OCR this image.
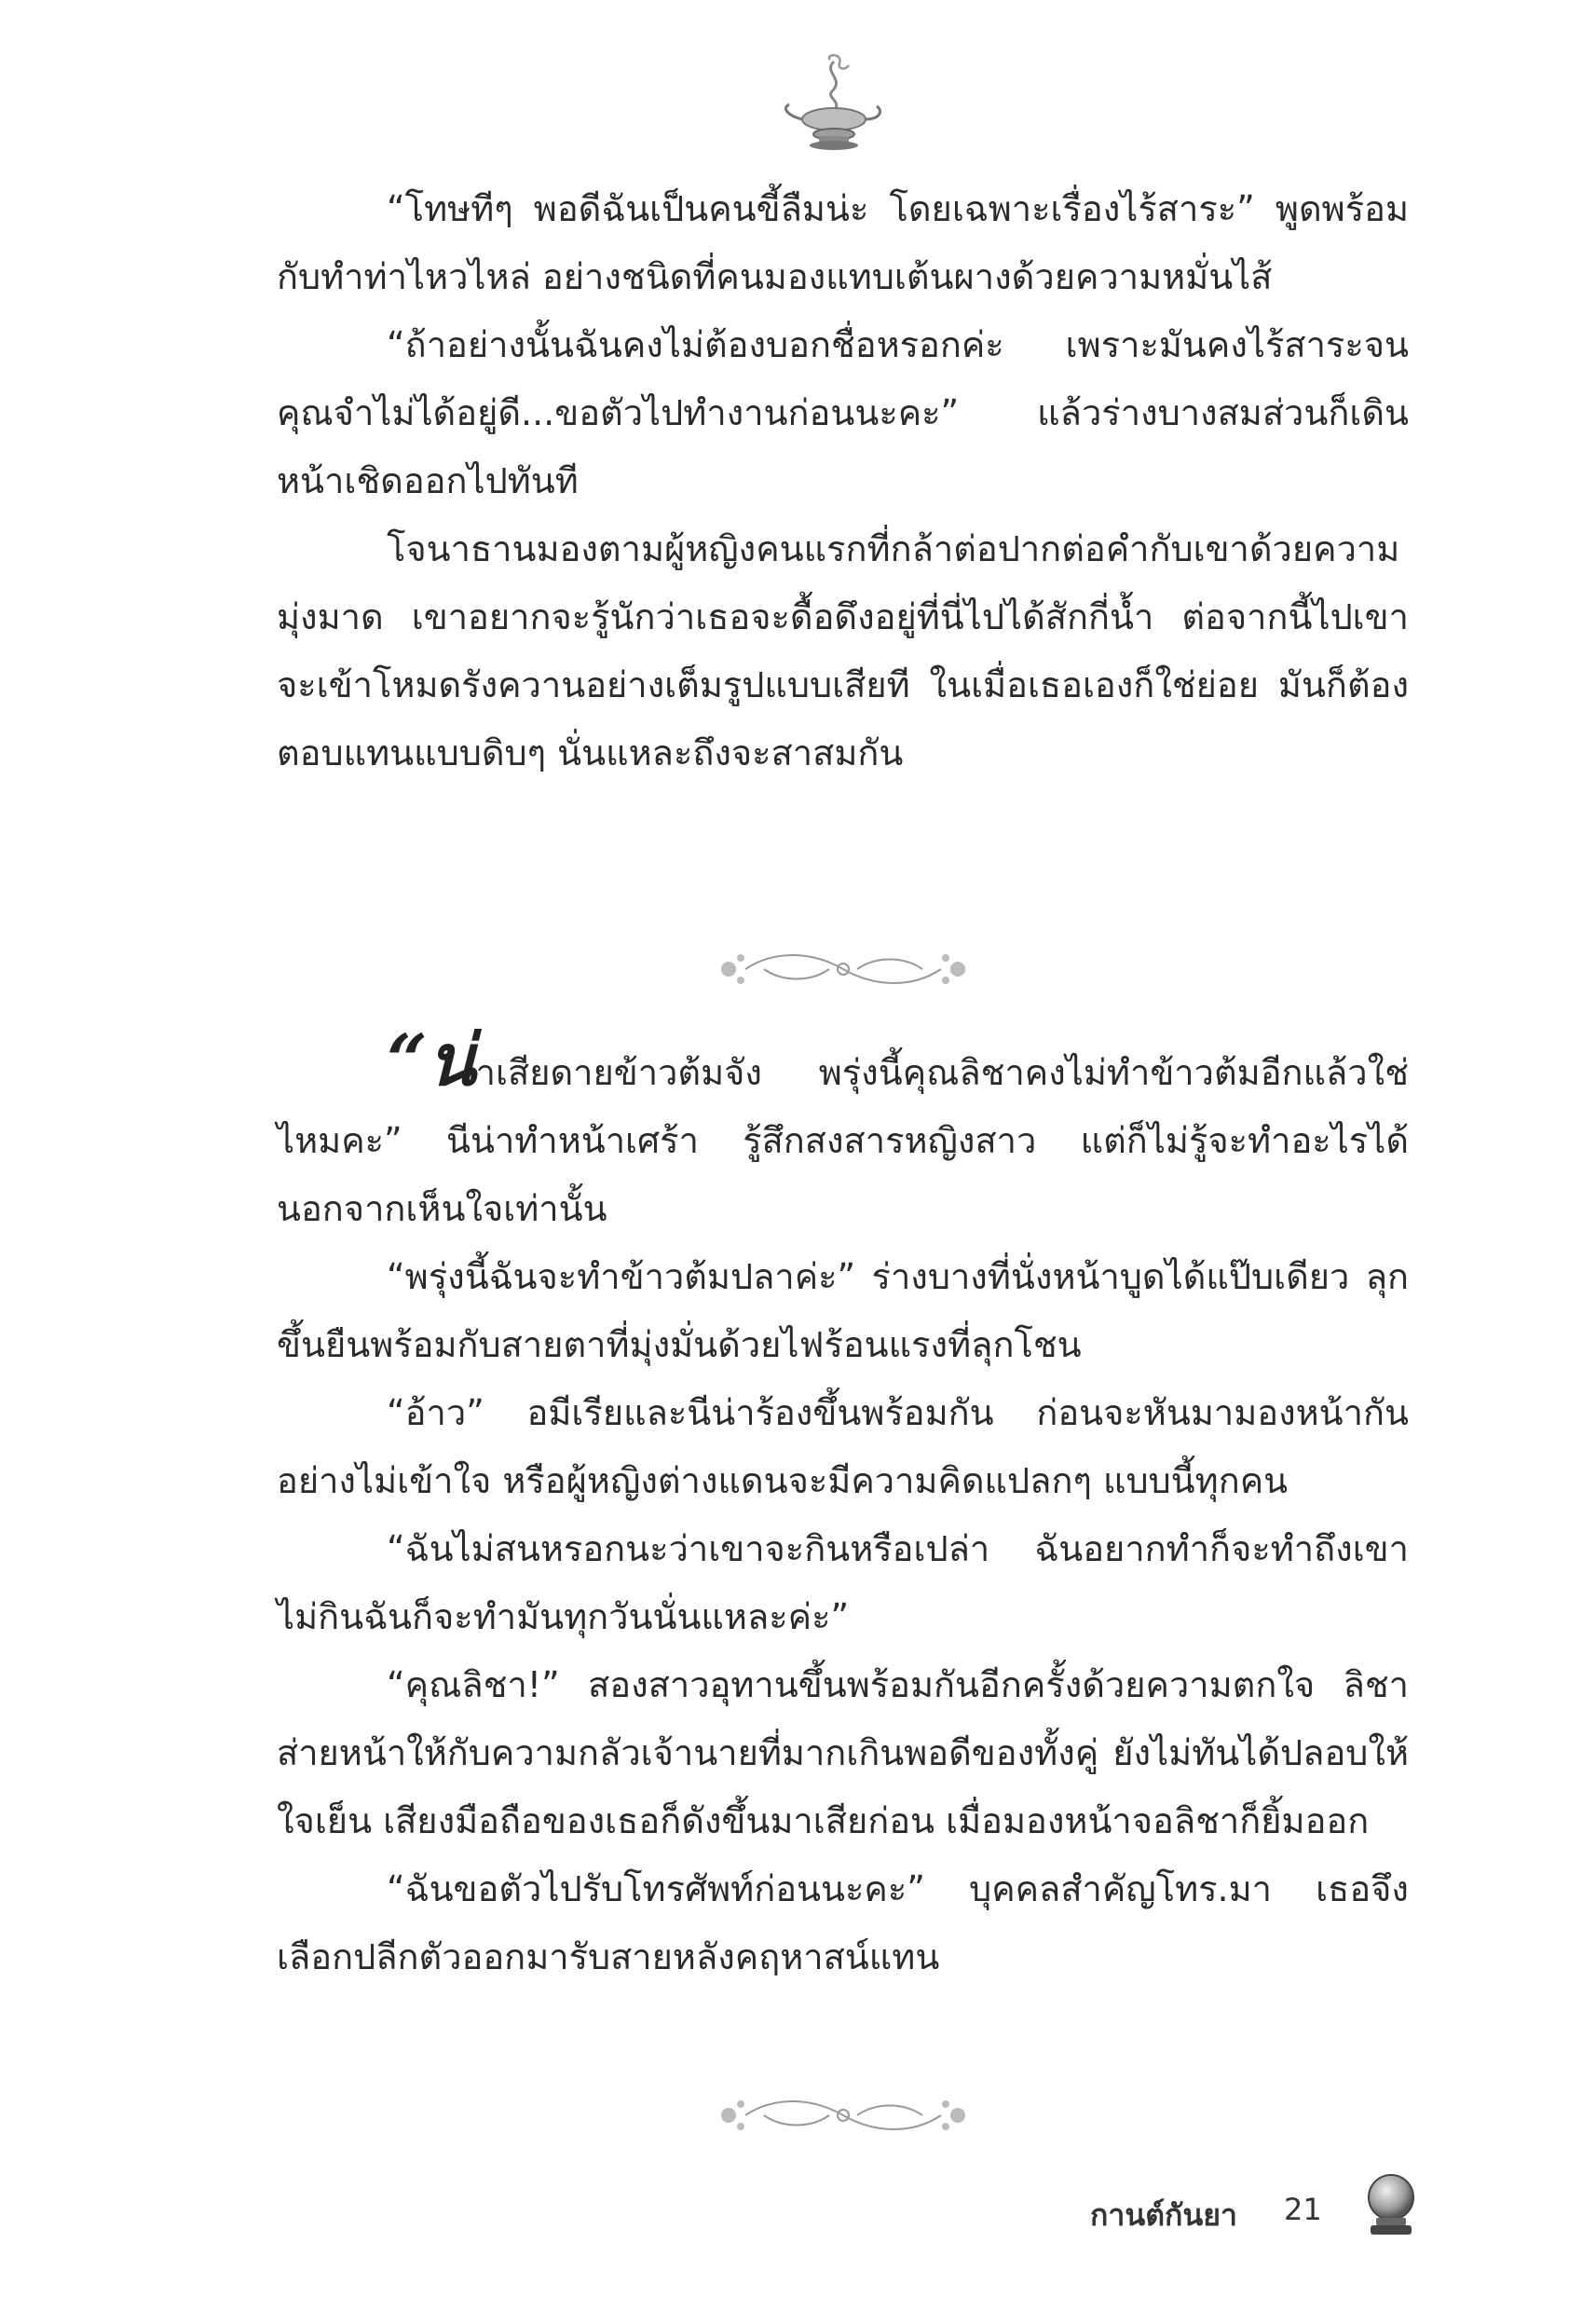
“โทษทีๆ พอดีฉันเป็นคนขี้ลืมน่ะ โดยเฉพาะเรื่องไร้สาระ” พูดพร้อมกับทำท่าไหวไหล่ อย่างชนิดที่คนมองแทบเต้นผางด้วยความหมั่นไส้

“ถ้าอย่างนั้นฉันคงไม่ต้องบอกชื่อหรอกค่ะ เพราะมันคงไร้สาระจนคุณจำไม่ได้อยู่ดี...ขอตัวไปทำงานก่อนนะคะ” แล้วร่างบางสมส่วนก็เดินหน้าเชิดออกไปทันที

โจนาธานมองตามผู้หญิงคนแรกที่กล้าต่อปากต่อคำกับเขาด้วยความมุ่งมาด เขาอยากจะรู้นักว่าเธอจะดื้อดึงอยู่ที่นี่ไปได้สักกี่น้ำ ต่อจากนี้ไปเขาจะเข้าโหมดรังควานอย่างเต็มรูปแบบเสียที ในเมื่อเธอเองก็ใช่ย่อย มันก็ต้องตอบแทนแบบดิบๆ นั่นแหละถึงจะสาสมกัน

“น่าเสียดายข้าวต้มจัง พรุ่งนี้คุณลิชาคงไม่ทำข้าวต้มอีกแล้วใช่ไหมคะ” นีน่าทำหน้าเศร้า รู้สึกสงสารหญิงสาว แต่ก็ไม่รู้จะทำอะไรได้นอกจากเห็นใจเท่านั้น

“พรุ่งนี้ฉันจะทำข้าวต้มปลาค่ะ” ร่างบางที่นั่งหน้าบูดได้แป๊บเดียว ลุกขึ้นยืนพร้อมกับสายตาที่มุ่งมั่นด้วยไฟร้อนแรงที่ลุกโชน

“อ้าว” อมีเรียและนีน่าร้องขึ้นพร้อมกัน ก่อนจะหันมามองหน้ากันอย่างไม่เข้าใจ หรือผู้หญิงต่างแดนจะมีความคิดแปลกๆ แบบนี้ทุกคน

“ฉันไม่สนหรอกนะว่าเขาจะกินหรือเปล่า ฉันอยากทำก็จะทำถึงเขาไม่กินฉันก็จะทำมันทุกวันนั่นแหละค่ะ”

“คุณลิชา!” สองสาวอุทานขึ้นพร้อมกันอีกครั้งด้วยความตกใจ ลิชาส่ายหน้าให้กับความกลัวเจ้านายที่มากเกินพอดีของทั้งคู่ ยังไม่ทันได้ปลอบให้ใจเย็น เสียงมือถือของเธอก็ดังขึ้นมาเสียก่อน เมื่อมองหน้าจอลิชาก็ยิ้มออก

“ฉันขอตัวไปรับโทรศัพท์ก่อนนะคะ” บุคคลสำคัญโทร.มา เธอจึงเลือกปลีกตัวออกมารับสายหลังคฤหาสน์แทน

กานต์กันยา 21
